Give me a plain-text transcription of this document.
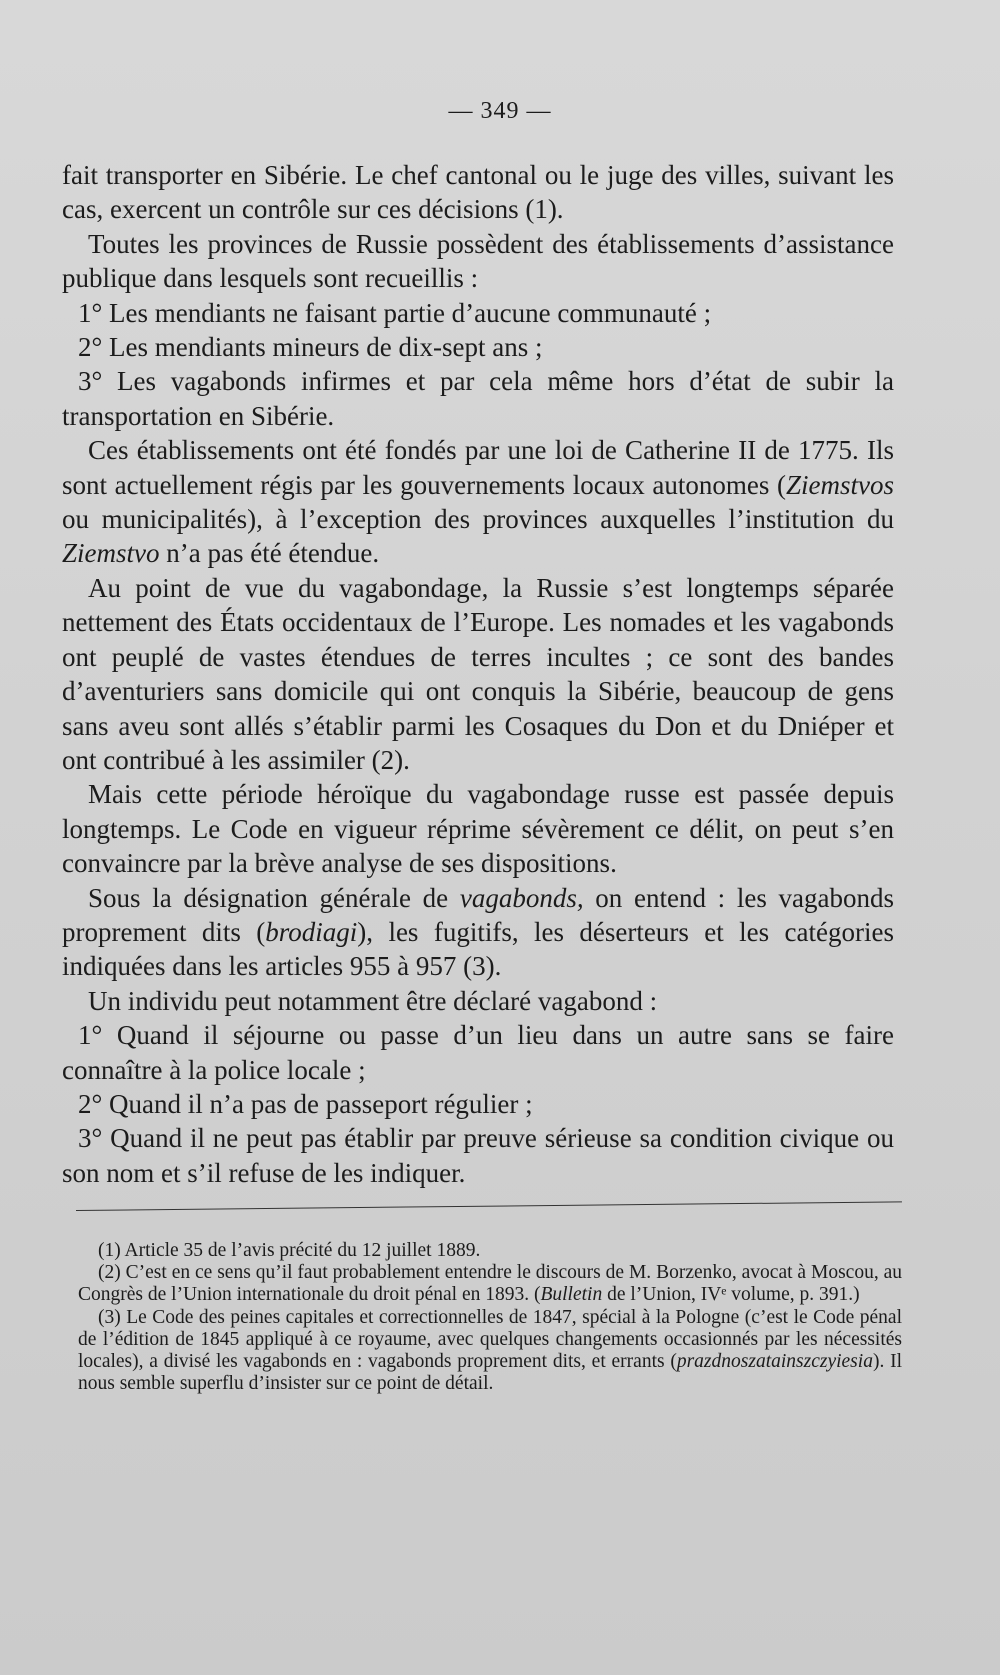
— 349 —

fait transporter en Sibérie. Le chef cantonal ou le juge des villes, suivant les cas, exercent un contrôle sur ces décisions (1).

Toutes les provinces de Russie possèdent des établissements d’assistance publique dans lesquels sont recueillis :

1° Les mendiants ne faisant partie d’aucune communauté ;

2° Les mendiants mineurs de dix-sept ans ;

3° Les vagabonds infirmes et par cela même hors d’état de subir la transportation en Sibérie.

Ces établissements ont été fondés par une loi de Catherine II de 1775. Ils sont actuellement régis par les gouvernements locaux autonomes (Ziemstvos ou municipalités), à l’exception des provinces auxquelles l’institution du Ziemstvo n’a pas été étendue.

Au point de vue du vagabondage, la Russie s’est longtemps séparée nettement des États occidentaux de l’Europe. Les nomades et les vagabonds ont peuplé de vastes étendues de terres incultes ; ce sont des bandes d’aventuriers sans domicile qui ont conquis la Sibérie, beaucoup de gens sans aveu sont allés s’établir parmi les Cosaques du Don et du Dniéper et ont contribué à les assimiler (2).

Mais cette période héroïque du vagabondage russe est passée depuis longtemps. Le Code en vigueur réprime sévèrement ce délit, on peut s’en convaincre par la brève analyse de ses dispositions.

Sous la désignation générale de vagabonds, on entend : les vagabonds proprement dits (brodiagi), les fugitifs, les déserteurs et les catégories indiquées dans les articles 955 à 957 (3).

Un individu peut notamment être déclaré vagabond :

1° Quand il séjourne ou passe d’un lieu dans un autre sans se faire connaître à la police locale ;

2° Quand il n’a pas de passeport régulier ;

3° Quand il ne peut pas établir par preuve sérieuse sa condition civique ou son nom et s’il refuse de les indiquer.

(1) Article 35 de l’avis précité du 12 juillet 1889.

(2) C’est en ce sens qu’il faut probablement entendre le discours de M. Borzenko, avocat à Moscou, au Congrès de l’Union internationale du droit pénal en 1893. (Bulletin de l’Union, IVᵉ volume, p. 391.)

(3) Le Code des peines capitales et correctionnelles de 1847, spécial à la Pologne (c’est le Code pénal de l’édition de 1845 appliqué à ce royaume, avec quelques changements occasionnés par les nécessités locales), a divisé les vagabonds en : vagabonds proprement dits, et errants (prazdnoszatainszczyiesia). Il nous semble superflu d’insister sur ce point de détail.
